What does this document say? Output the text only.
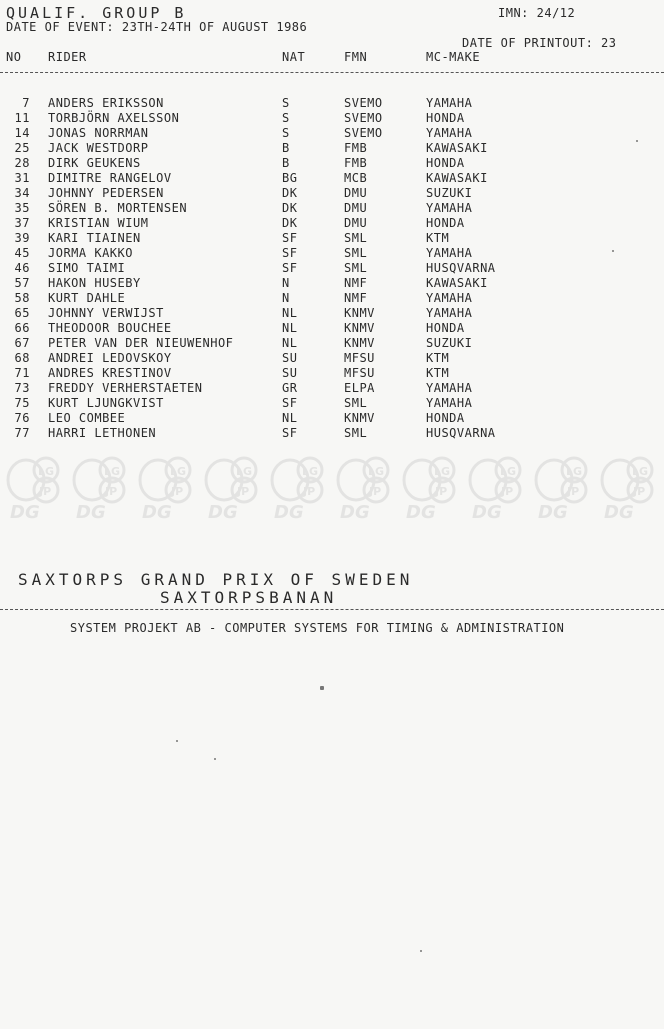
QUALIF. GROUP B	IMN: 24/12
DATE OF EVENT: 23TH-24TH OF AUGUST 1986
DATE OF PRINTOUT: 23
NO RIDER	NAT	FMN	MC-MAKE
7 ANDERS ERIKSSON	S	SVEMO	YAMAHA
11 TORBJÖRN AXELSSON	S	SVEMO	HONDA
14 JONAS NORRMAN	S	SVEMO	YAMAHA
25 JACK WESTDORP	B	FMB	KAWASAKI
28 DIRK GEUKENS	B	FMB	HONDA
31 DIMITRE RANGELOV	BG	MCB	KAWASAKI
34 JOHNNY PEDERSEN	DK	DMU	SUZUKI
35 SÖREN B. MORTENSEN	DK	DMU	YAMAHA
37 KRISTIAN WIUM	DK	DMU	HONDA
39 KARI TIAINEN	SF	SML	KTM
45 JORMA KAKKO	SF	SML	YAMAHA
46 SIMO TAIMI	SF	SML	HUSQVARNA
57 HAKON HUSEBY	N	NMF	KAWASAKI
58 KURT DAHLE	N	NMF	YAMAHA
65 JOHNNY VERWIJST	NL	KNMV	YAMAHA
66 THEODOOR BOUCHEE	NL	KNMV	HONDA
67 PETER VAN DER NIEUWENHOF	NL	KNMV	SUZUKI
68 ANDREI LEDOVSKOY	SU	MFSU	KTM
71 ANDRES KRESTINOV	SU	MFSU	KTM
73 FREDDY VERHERSTAETEN	GR	ELPA	YAMAHA
75 KURT LJUNGKVIST	SF	SML	YAMAHA
76 LEO COMBEE	NL	KNMV	HONDA
77 HARRI LETHONEN	SF	SML	HUSQVARNA
LG
JP
DG
LG
JP
DG
LG
JP
DG
LG
JP
DG
LG
JP
DG
LG
JP
DG
LG
JP
DG
LG
JP
DG
LG
JP
DG
LG
JP
DG
SAXTORPS GRAND PRIX OF SWEDEN
SAXTORPSBANAN
SYSTEM PROJEKT AB - COMPUTER SYSTEMS FOR TIMING & ADMINISTRATION
